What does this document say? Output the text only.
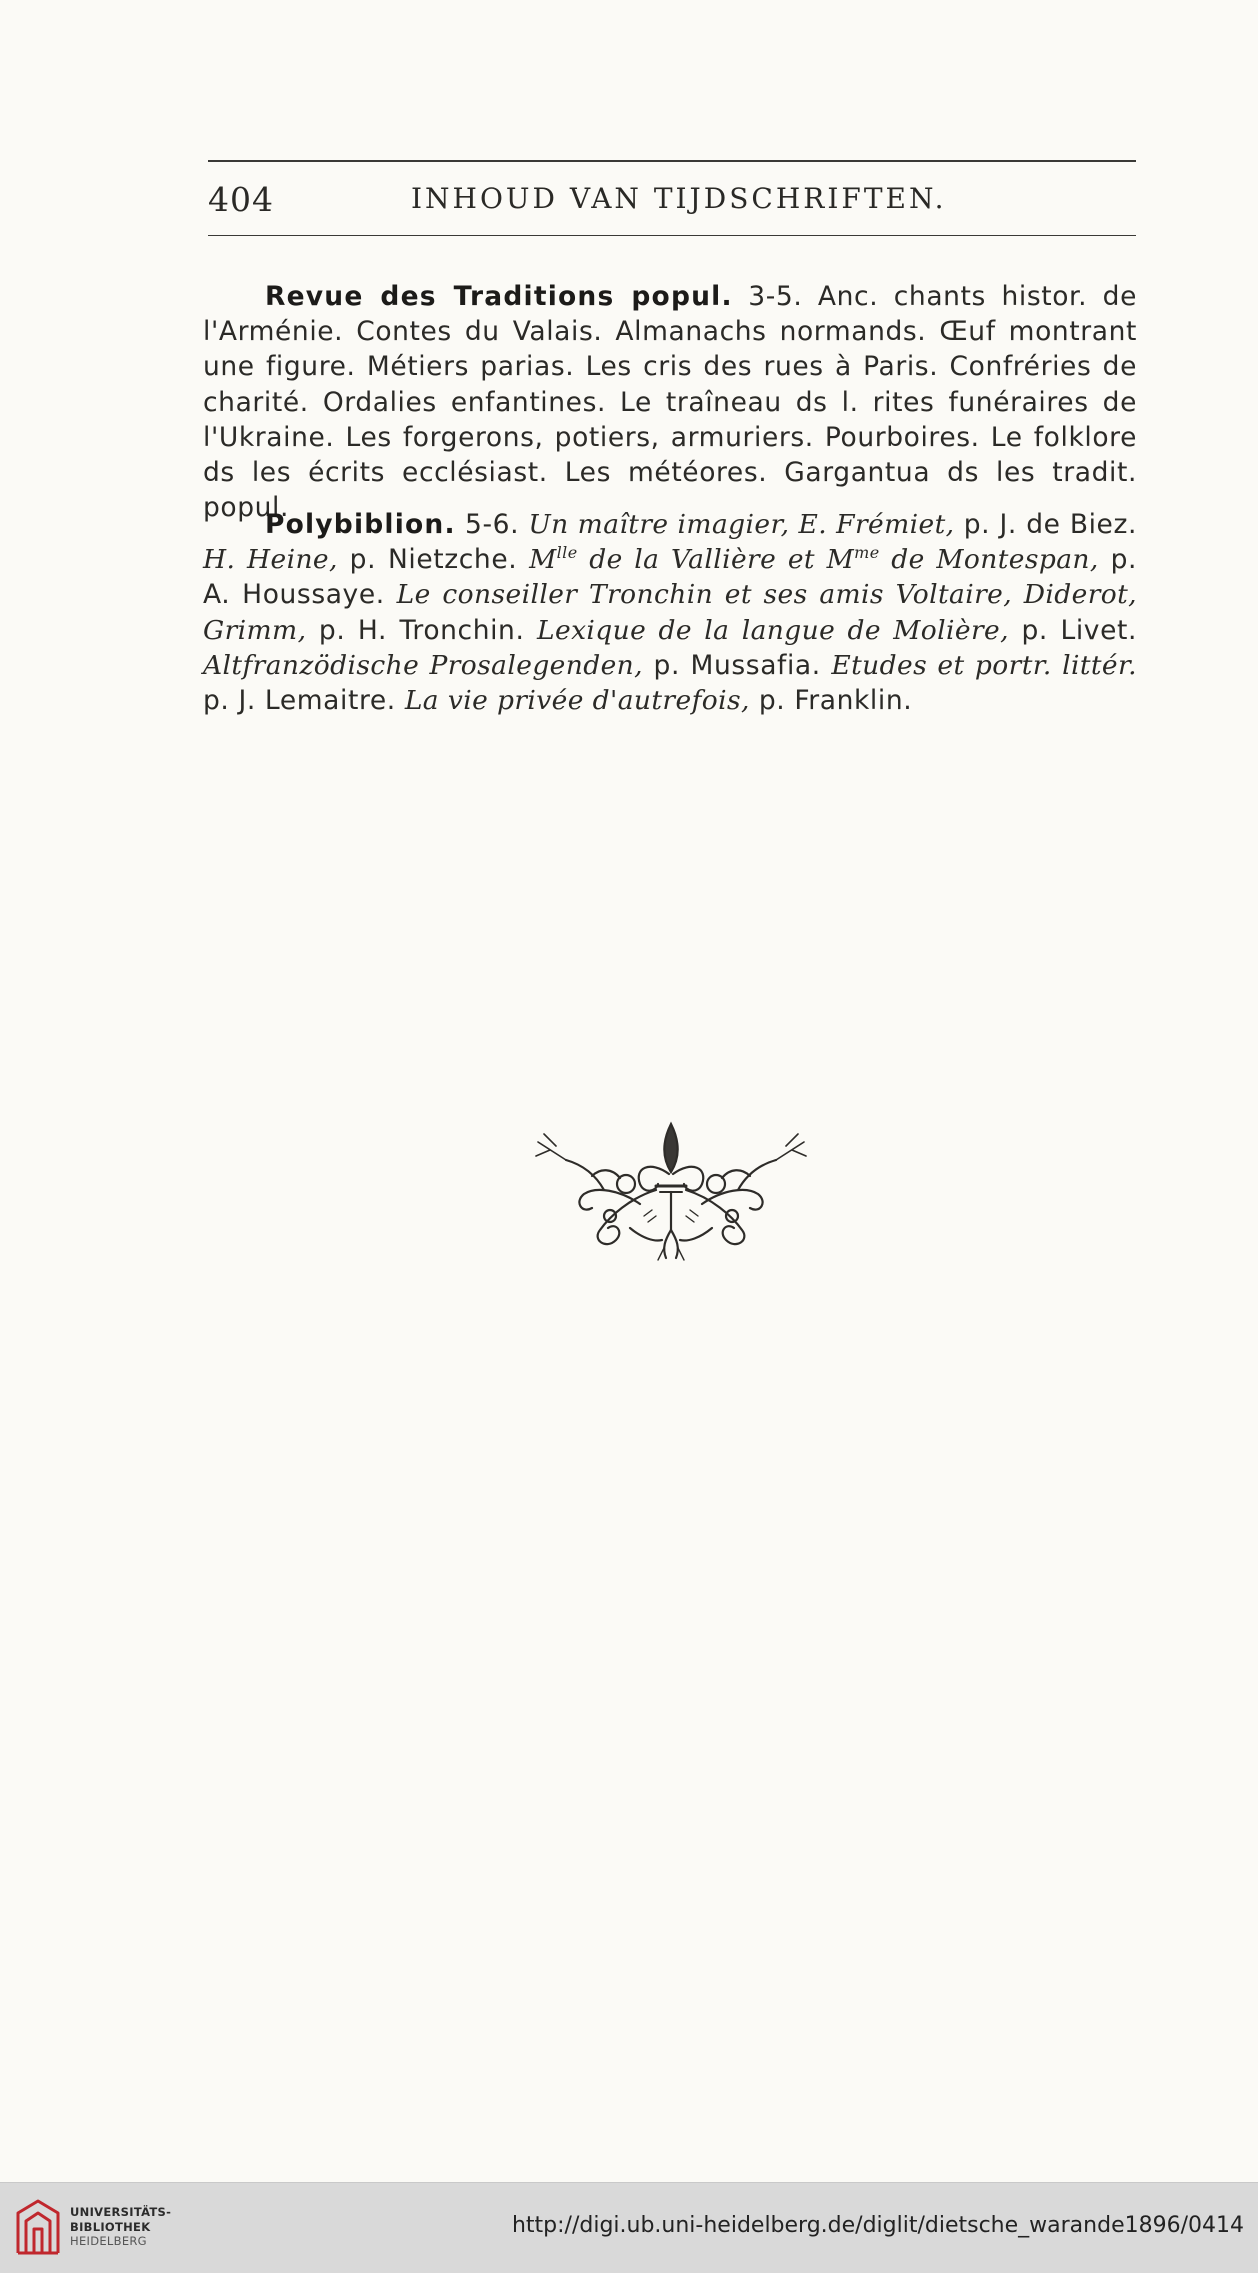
404	INHOUD VAN TIJDSCHRIFTEN.

Revue des Traditions popul. 3-5. Anc. chants histor. de l'Arménie. Contes du Valais. Almanachs normands. Œuf montrant une figure. Métiers parias. Les cris des rues à Paris. Confréries de charité. Ordalies enfantines. Le traîneau ds l. rites funéraires de l'Ukraine. Les forgerons, potiers, armuriers. Pourboires. Le folklore ds les écrits ecclésiast. Les météores. Gargantua ds les tradit. popul.

Polybiblion. 5-6. Un maître imagier, E. Frémiet, p. J. de Biez. H. Heine, p. Nietzche. $M^{lle}$ de la Vallière et $M^{me}$ de Montespan, p. A. Houssaye. Le conseiller Tronchin et ses amis Voltaire, Diderot, Grimm, p. H. Tronchin. Lexique de la langue de Molière, p. Livet. Altfranzödische Prosalegenden, p. Mussafia. Etudes et portr. littér. p. J. Lemaitre. La vie privée d'autrefois, p. Franklin.

UNIVERSITÄTS-
BIBLIOTHEK
HEIDELBERG
http://digi.ub.uni-heidelberg.de/diglit/dietsche_warande1896/0414
